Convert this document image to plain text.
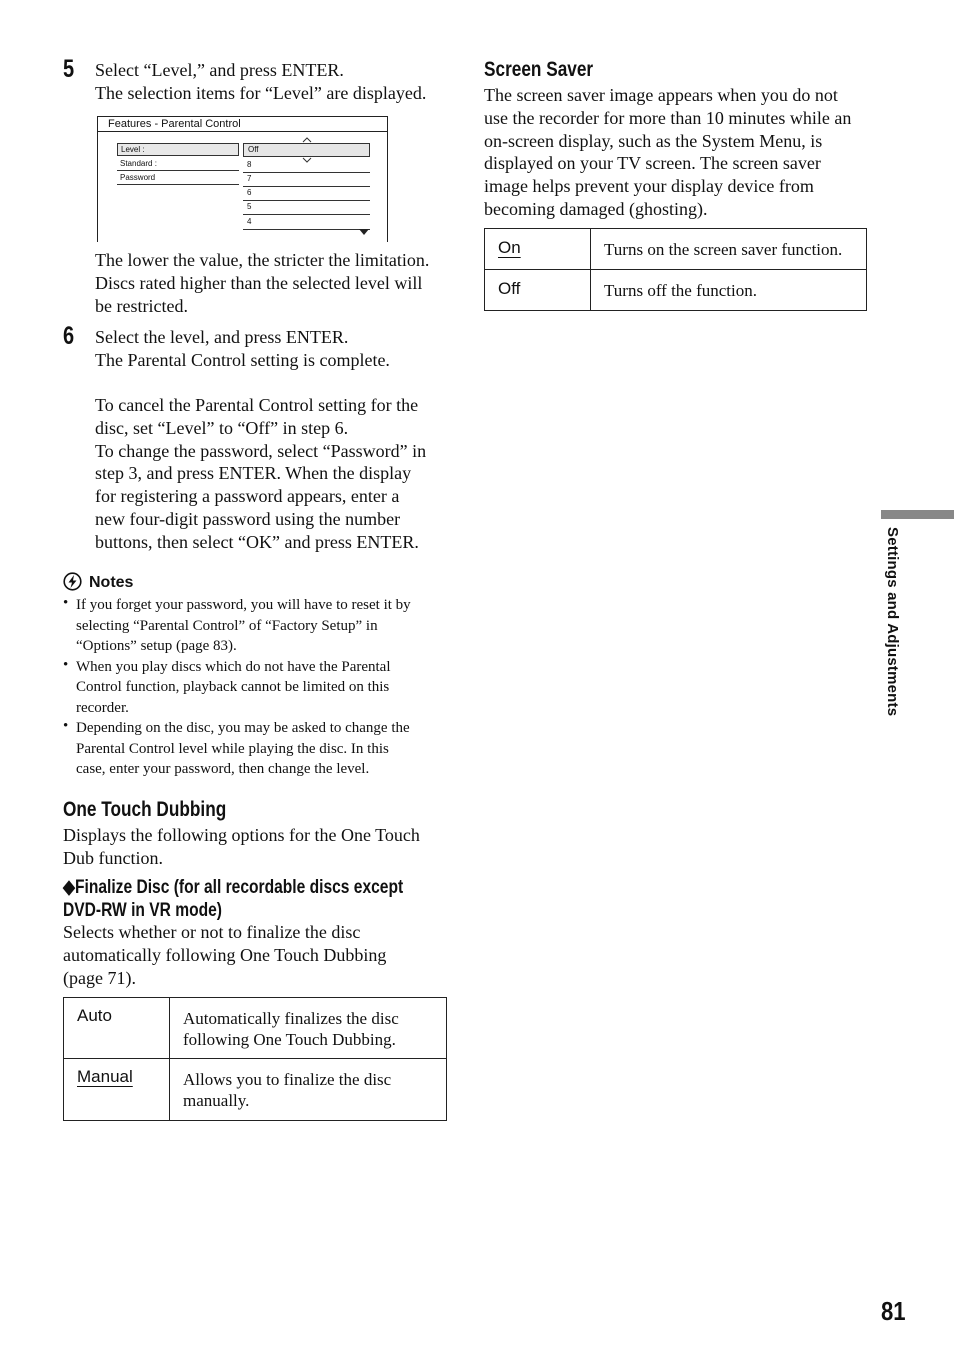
5 Select “Level,” and press ENTER.
The selection items for “Level” are displayed.
Features - Parental Control
Level :
Standard :
Password
Off
8
7
6
5
4
The lower the value, the stricter the limitation.
Discs rated higher than the selected level will
be restricted.
6 Select the level, and press ENTER.
The Parental Control setting is complete.
To cancel the Parental Control setting for the
disc, set “Level” to “Off” in step 6.
To change the password, select “Password” in
step 3, and press ENTER. When the display
for registering a password appears, enter a
new four-digit password using the number
buttons, then select “OK” and press ENTER.
Notes
• If you forget your password, you will have to reset it by
selecting “Parental Control” of “Factory Setup” in
“Options” setup (page 83).
• When you play discs which do not have the Parental
Control function, playback cannot be limited on this
recorder.
• Depending on the disc, you may be asked to change the
Parental Control level while playing the disc. In this
case, enter your password, then change the level.
One Touch Dubbing
Displays the following options for the One Touch
Dub function.
◆Finalize Disc (for all recordable discs except
DVD-RW in VR mode)
Selects whether or not to finalize the disc
automatically following One Touch Dubbing
(page 71).
Auto	Automatically finalizes the disc
following One Touch Dubbing.

Manual	Allows you to finalize the disc
manually.
Screen Saver
The screen saver image appears when you do not
use the recorder for more than 10 minutes while an
on-screen display, such as the System Menu, is
displayed on your TV screen. The screen saver
image helps prevent your display device from
becoming damaged (ghosting).
On	Turns on the screen saver function.

Off	Turns off the function.
Settings and Adjustments
81
